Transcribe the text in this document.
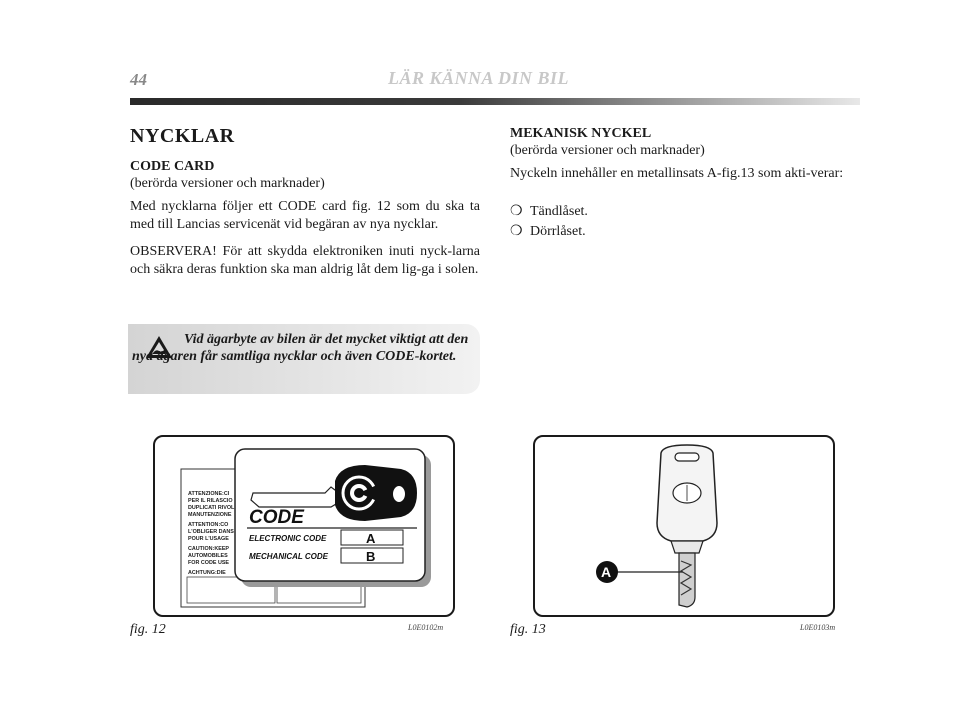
44	LÄR KÄNNA DIN BIL
NYCKLAR
CODE CARD
(berörda versioner och marknader)
Med nycklarna följer ett CODE card fig. 12 som du ska ta med till Lancias servicenät vid begäran av nya nycklar.
OBSERVERA! För att skydda elektroniken inuti nyck-larna och säkra deras funktion ska man aldrig låt dem lig-ga i solen.
Vid ägarbyte av bilen är det mycket viktigt att den nya ägaren får samtliga nycklar och även CODE-kortet.
MEKANISK NYCKEL
(berörda versioner och marknader)
Nyckeln innehåller en metallinsats A-fig.13 som akti-verar:
❍ Tändlåset.
❍ Dörrlåset.
ATTENZIONE:CI
PER IL RILASCIO
DUPLICATI RIVOL
MANUTENZIONE
ATTENTION:CO
L'OBLIGER DANS
POUR L'USAGE
CAUTION:KEEP
AUTOMOBILES
FOR CODE USE
ACHTUNG:DIE
CODE
ELECTRONIC CODE	A
MECHANICAL CODE	B
fig. 12	L0E0102m
A
fig. 13	L0E0103m
